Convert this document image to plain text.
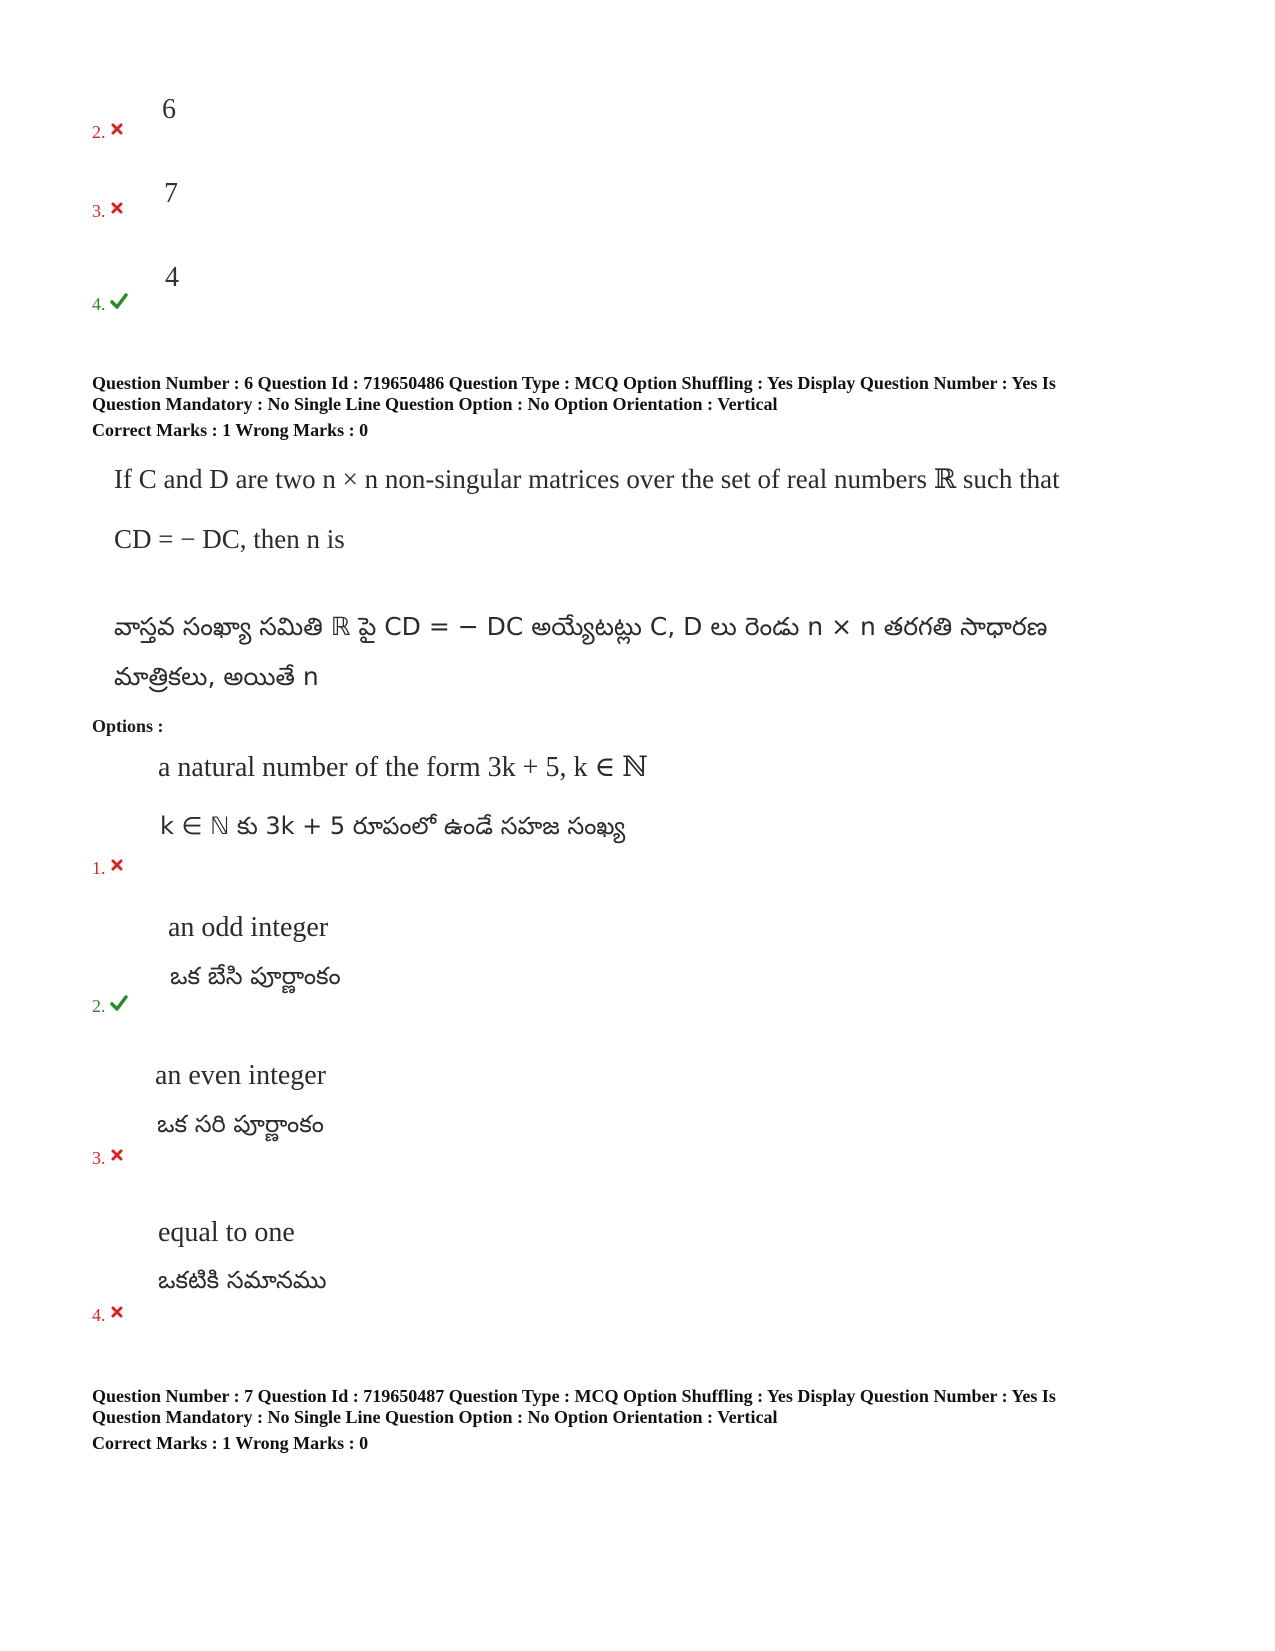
6
2.
7
3.
4
4.
Question Number : 6 Question Id : 719650486 Question Type : MCQ Option Shuffling : Yes Display Question Number : Yes Is
Question Mandatory : No Single Line Question Option : No Option Orientation : Vertical
Correct Marks : 1 Wrong Marks : 0
If C and D are two n × n non-singular matrices over the set of real numbers ℝ such that
CD = − DC, then n is
వాస్తవ సంఖ్యా సమితి ℝ పై CD = − DC అయ్యేటట్లు C, D లు రెండు n × n తరగతి సాధారణ
మాత్రికలు, అయితే n
Options :
a natural number of the form 3k + 5, k ∈ ℕ
k ∈ ℕ కు 3k + 5 రూపంలో ఉండే సహజ సంఖ్య
1.
an odd integer
ఒక బేసి పూర్ణాంకం
2.
an even integer
ఒక సరి పూర్ణాంకం
3.
equal to one
ఒకటికి సమానము
4.
Question Number : 7 Question Id : 719650487 Question Type : MCQ Option Shuffling : Yes Display Question Number : Yes Is
Question Mandatory : No Single Line Question Option : No Option Orientation : Vertical
Correct Marks : 1 Wrong Marks : 0
